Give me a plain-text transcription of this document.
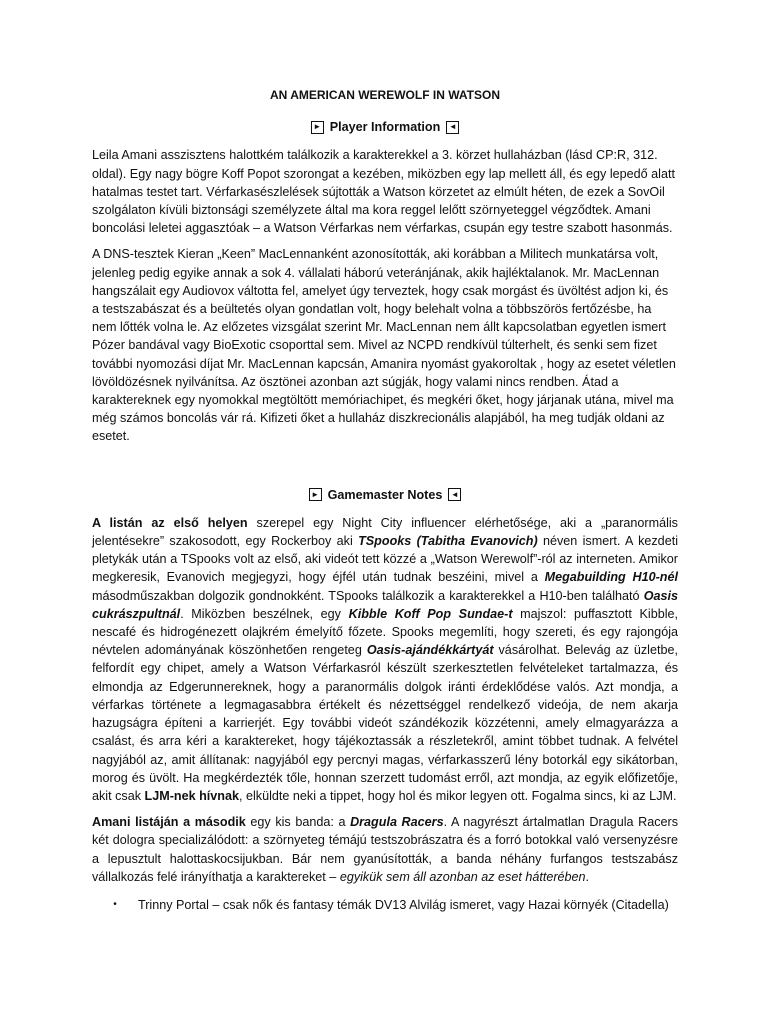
AN AMERICAN WEREWOLF IN WATSON
► Player Information	◄

Leila Amani asszisztens halottkém találkozik a karakterekkel a 3. körzet hullaházban (lásd CP:R, 312. oldal). Egy nagy bögre Koff Popot szorongat a kezében, miközben egy lap mellett áll, és egy lepedő alatt hatalmas testet tart. Vérfarkasészlelések sújtották a Watson körzetet az elmúlt héten, de ezek a SovOil szolgálaton kívüli biztonsági személyzete által ma kora reggel lelőtt szörnyeteggel végződtek. Amani boncolási leletei aggasztóak – a Watson Vérfarkas nem vérfarkas, csupán egy testre szabott hasonmás.

A DNS-tesztek Kieran „Keen” MacLennanként azonosították, aki korábban a Militech munkatársa volt, jelenleg pedig egyike annak a sok 4. vállalati háború veteránjának, akik hajléktalanok. Mr. MacLennan hangszálait egy Audiovox váltotta fel, amelyet úgy terveztek, hogy csak morgást és üvöltést adjon ki, és a testszabászat és a beültetés olyan gondatlan volt, hogy belehalt volna a többszörös fertőzésbe, ha nem lőtték volna le. Az előzetes vizsgálat szerint Mr. MacLennan nem állt kapcsolatban egyetlen ismert Pózer bandával vagy BioExotic csoporttal sem. Mivel az NCPD rendkívül túlterhelt, és senki sem fizet további nyomozási díjat Mr. MacLennan kapcsán, Amanira nyomást gyakoroltak , hogy az esetet véletlen lövöldözésnek nyilvánítsa. Az ösztönei azonban azt súgják, hogy valami nincs rendben. Átad a karaktereknek egy nyomokkal megtöltött memóriachipet, és megkéri őket, hogy járjanak utána, mivel ma még számos boncolás vár rá. Kifizeti őket a hullaház diszkrecionális alapjából, ha meg tudják oldani az esetet.

► Gamemaster Notes	◄

A listán az első helyen szerepel egy Night City influencer elérhetősége, aki a „paranormális jelentésekre” szakosodott, egy Rockerboy aki TSpooks (Tabitha Evanovich) néven ismert. A kezdeti pletykák után a TSpooks volt az első, aki videót tett közzé a „Watson Werewolf”-ról az interneten. Amikor megkeresik, Evanovich megjegyzi, hogy éjfél után tudnak beszéini, mivel a Megabuilding H10-nél másodműszakban dolgozik gondnokként. TSpooks találkozik a karakterekkel a H10-ben található Oasis cukrászpultnál. Miközben beszélnek, egy Kibble Koff Pop Sundae-t majszol: puffasztott Kibble, nescafé és hidrogénezett olajkrém émelyítő főzete. Spooks megemlíti, hogy szereti, és egy rajongója névtelen adományának köszönhetően rengeteg Oasis-ajándékkártyát vásárolhat. Belevág az üzletbe, felfordít egy chipet, amely a Watson Vérfarkasról készült szerkesztetlen felvételeket tartalmazza, és elmondja az Edgerunnereknek, hogy a paranormális dolgok iránti érdeklődése valós. Azt mondja, a vérfarkas története a legmagasabbra értékelt és nézettséggel rendelkező videója, de nem akarja hazugságra építeni a karrierjét. Egy további videót szándékozik közzétenni, amely elmagyarázza a csalást, és arra kéri a karaktereket, hogy tájékoztassák a részletekről, amint többet tudnak. A felvétel nagyjából az, amit állítanak: nagyjából egy percnyi magas, vérfarkasszerű lény botorkál egy sikátorban, morog és üvölt. Ha megkérdezték tőle, honnan szerzett tudomást erről, azt mondja, az egyik előfizetője, akit csak LJM-nek hívnak, elküldte neki a tippet, hogy hol és mikor legyen ott. Fogalma sincs, ki az LJM.

Amani listáján a második egy kis banda: a Dragula Racers. A nagyrészt ártalmatlan Dragula Racers két dologra specializálódott: a szörnyeteg témájú testszobrászatra és a forró botokkal való versenyzésre a lepusztult halottaskocsijukban. Bár nem gyanúsították, a banda néhány furfangos testszabász vállalkozás felé irányíthatja a karaktereket – egyikük sem áll azonban az eset hátterében.

•	Trinny Portal – csak nők és fantasy témák DV13 Alvilág ismeret, vagy Hazai környék (Citadella)
